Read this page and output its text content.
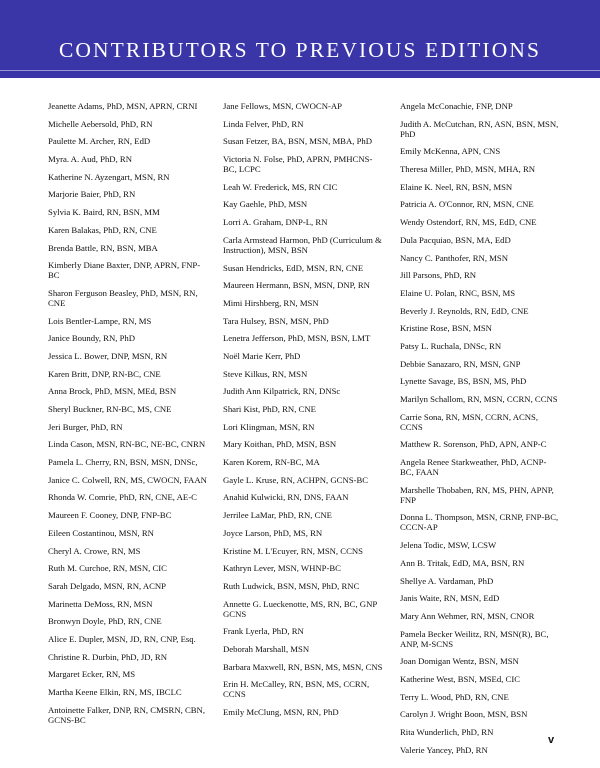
CONTRIBUTORS TO PREVIOUS EDITIONS
Jeanette Adams, PhD, MSN, APRN, CRNI
Michelle Aebersold, PhD, RN
Paulette M. Archer, RN, EdD
Myra. A. Aud, PhD, RN
Katherine N. Ayzengart, MSN, RN
Marjorie Baier, PhD, RN
Sylvia K. Baird, RN, BSN, MM
Karen Balakas, PhD, RN, CNE
Brenda Battle, RN, BSN, MBA
Kimberly Diane Baxter, DNP, APRN, FNP-BC
Sharon Ferguson Beasley, PhD, MSN, RN, CNE
Lois Bentler-Lampe, RN, MS
Janice Boundy, RN, PhD
Jessica L. Bower, DNP, MSN, RN
Karen Britt, DNP, RN-BC, CNE
Anna Brock, PhD, MSN, MEd, BSN
Sheryl Buckner, RN-BC, MS, CNE
Jeri Burger, PhD, RN
Linda Cason, MSN, RN-BC, NE-BC, CNRN
Pamela L. Cherry, RN, BSN, MSN, DNSc,
Janice C. Colwell, RN, MS, CWOCN, FAAN
Rhonda W. Comrie, PhD, RN, CNE, AE-C
Maureen F. Cooney, DNP, FNP-BC
Eileen Costantinou, MSN, RN
Cheryl A. Crowe, RN, MS
Ruth M. Curchoe, RN, MSN, CIC
Sarah Delgado, MSN, RN, ACNP
Marinetta DeMoss, RN, MSN
Bronwyn Doyle, PhD, RN, CNE
Alice E. Dupler, MSN, JD, RN, CNP, Esq.
Christine R. Durbin, PhD, JD, RN
Margaret Ecker, RN, MS
Martha Keene Elkin, RN, MS, IBCLC
Antoinette Falker, DNP, RN, CMSRN, CBN, GCNS-BC
Jane Fellows, MSN, CWOCN-AP
Linda Felver, PhD, RN
Susan Fetzer, BA, BSN, MSN, MBA, PhD
Victoria N. Folse, PhD, APRN, PMHCNS-BC, LCPC
Leah W. Frederick, MS, RN CIC
Kay Gaehle, PhD, MSN
Lorri A. Graham, DNP-L, RN
Carla Armstead Harmon, PhD (Curriculum & Instruction), MSN, BSN
Susan Hendricks, EdD, MSN, RN, CNE
Maureen Hermann, BSN, MSN, DNP, RN
Mimi Hirshberg, RN, MSN
Tara Hulsey, BSN, MSN, PhD
Lenetra Jefferson, PhD, MSN, BSN, LMT
Noël Marie Kerr, PhD
Steve Kilkus, RN, MSN
Judith Ann Kilpatrick, RN, DNSc
Shari Kist, PhD, RN, CNE
Lori Klingman, MSN, RN
Mary Koithan, PhD, MSN, BSN
Karen Korem, RN-BC, MA
Gayle L. Kruse, RN, ACHPN, GCNS-BC
Anahid Kulwicki, RN, DNS, FAAN
Jerrilee LaMar, PhD, RN, CNE
Joyce Larson, PhD, MS, RN
Kristine M. L'Ecuyer, RN, MSN, CCNS
Kathryn Lever, MSN, WHNP-BC
Ruth Ludwick, BSN, MSN, PhD, RNC
Annette G. Lueckenotte, MS, RN, BC, GNP GCNS
Frank Lyerla, PhD, RN
Deborah Marshall, MSN
Barbara Maxwell, RN, BSN, MS, MSN, CNS
Erin H. McCalley, RN, BSN, MS, CCRN, CCNS
Emily McClung, MSN, RN, PhD
Angela McConachie, FNP, DNP
Judith A. McCutchan, RN, ASN, BSN, MSN, PhD
Emily McKenna, APN, CNS
Theresa Miller, PhD, MSN, MHA, RN
Elaine K. Neel, RN, BSN, MSN
Patricia A. O'Connor, RN, MSN, CNE
Wendy Ostendorf, RN, MS, EdD, CNE
Dula Pacquiao, BSN, MA, EdD
Nancy C. Panthofer, RN, MSN
Jill Parsons, PhD, RN
Elaine U. Polan, RNC, BSN, MS
Beverly J. Reynolds, RN, EdD, CNE
Kristine Rose, BSN, MSN
Patsy L. Ruchala, DNSc, RN
Debbie Sanazaro, RN, MSN, GNP
Lynette Savage, BS, BSN, MS, PhD
Marilyn Schallom, RN, MSN, CCRN, CCNS
Carrie Sona, RN, MSN, CCRN, ACNS, CCNS
Matthew R. Sorenson, PhD, APN, ANP-C
Angela Renee Starkweather, PhD, ACNP-BC, FAAN
Marshelle Thobaben, RN, MS, PHN, APNP, FNP
Donna L. Thompson, MSN, CRNP, FNP-BC, CCCN-AP
Jelena Todic, MSW, LCSW
Ann B. Tritak, EdD, MA, BSN, RN
Shellye A. Vardaman, PhD
Janis Waite, RN, MSN, EdD
Mary Ann Wehmer, RN, MSN, CNOR
Pamela Becker Weilitz, RN, MSN(R), BC, ANP, M-SCNS
Joan Domigan Wentz, BSN, MSN
Katherine West, BSN, MSEd, CIC
Terry L. Wood, PhD, RN, CNE
Carolyn J. Wright Boon, MSN, BSN
Rita Wunderlich, PhD, RN
Valerie Yancey, PhD, RN
v
